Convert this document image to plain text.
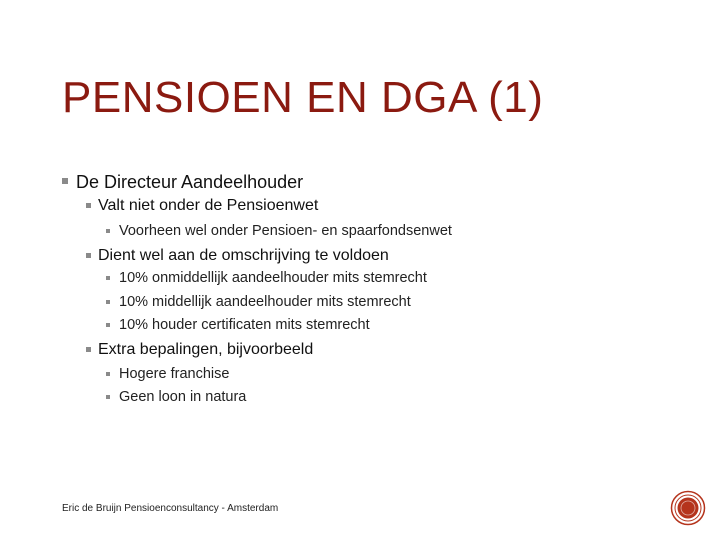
PENSIOEN EN DGA (1)
De Directeur Aandeelhouder
Valt niet onder de Pensioenwet
Voorheen wel onder Pensioen- en spaarfondsenwet
Dient wel aan de omschrijving te voldoen
10% onmiddellijk aandeelhouder mits stemrecht
10% middellijk aandeelhouder mits stemrecht
10% houder certificaten mits stemrecht
Extra bepalingen, bijvoorbeeld
Hogere franchise
Geen loon in natura
Eric de Bruijn Pensioenconsultancy - Amsterdam
